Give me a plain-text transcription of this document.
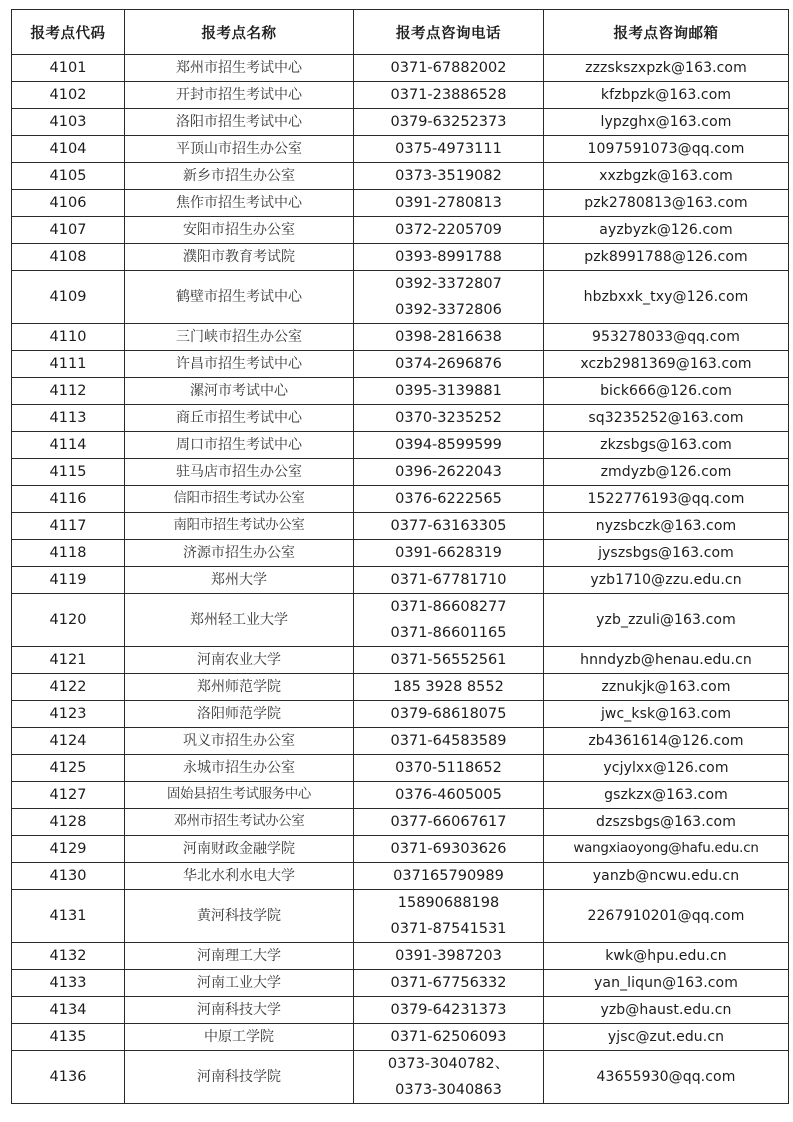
报考点代码	报考点名称	报考点咨询电话	报考点咨询邮箱
4101	郑州市招生考试中心	0371-67882002	zzzskszxpzk@163.com
4102	开封市招生考试中心	0371-23886528	kfzbpzk@163.com
4103	洛阳市招生考试中心	0379-63252373	lypzghx@163.com
4104	平顶山市招生办公室	0375-4973111	1097591073@qq.com
4105	新乡市招生办公室	0373-3519082	xxzbgzk@163.com
4106	焦作市招生考试中心	0391-2780813	pzk2780813@163.com
4107	安阳市招生办公室	0372-2205709	ayzbyzk@126.com
4108	濮阳市教育考试院	0393-8991788	pzk8991788@126.com
4109	鹤壁市招生考试中心	0392-3372807
0392-3372806	hbzbxxk_txy@126.com
4110	三门峡市招生办公室	0398-2816638	953278033@qq.com
4111	许昌市招生考试中心	0374-2696876	xczb2981369@163.com
4112	漯河市考试中心	0395-3139881	bick666@126.com
4113	商丘市招生考试中心	0370-3235252	sq3235252@163.com
4114	周口市招生考试中心	0394-8599599	zkzsbgs@163.com
4115	驻马店市招生办公室	0396-2622043	zmdyzb@126.com
4116	信阳市招生考试办公室	0376-6222565	1522776193@qq.com
4117	南阳市招生考试办公室	0377-63163305	nyzsbczk@163.com
4118	济源市招生办公室	0391-6628319	jyszsbgs@163.com
4119	郑州大学	0371-67781710	yzb1710@zzu.edu.cn
4120	郑州轻工业大学	0371-86608277
0371-86601165	yzb_zzuli@163.com
4121	河南农业大学	0371-56552561	hnndyzb@henau.edu.cn
4122	郑州师范学院	185 3928 8552	zznukjk@163.com
4123	洛阳师范学院	0379-68618075	jwc_ksk@163.com
4124	巩义市招生办公室	0371-64583589	zb4361614@126.com
4125	永城市招生办公室	0370-5118652	ycjylxx@126.com
4127	固始县招生考试服务中心	0376-4605005	gszkzx@163.com
4128	邓州市招生考试办公室	0377-66067617	dzszsbgs@163.com
4129	河南财政金融学院	0371-69303626	wangxiaoyong@hafu.edu.cn
4130	华北水利水电大学	037165790989	yanzb@ncwu.edu.cn
4131	黄河科技学院	15890688198
0371-87541531	2267910201@qq.com
4132	河南理工大学	0391-3987203	kwk@hpu.edu.cn
4133	河南工业大学	0371-67756332	yan_liqun@163.com
4134	河南科技大学	0379-64231373	yzb@haust.edu.cn
4135	中原工学院	0371-62506093	yjsc@zut.edu.cn
4136	河南科技学院	0373-3040782、
0373-3040863	43655930@qq.com
